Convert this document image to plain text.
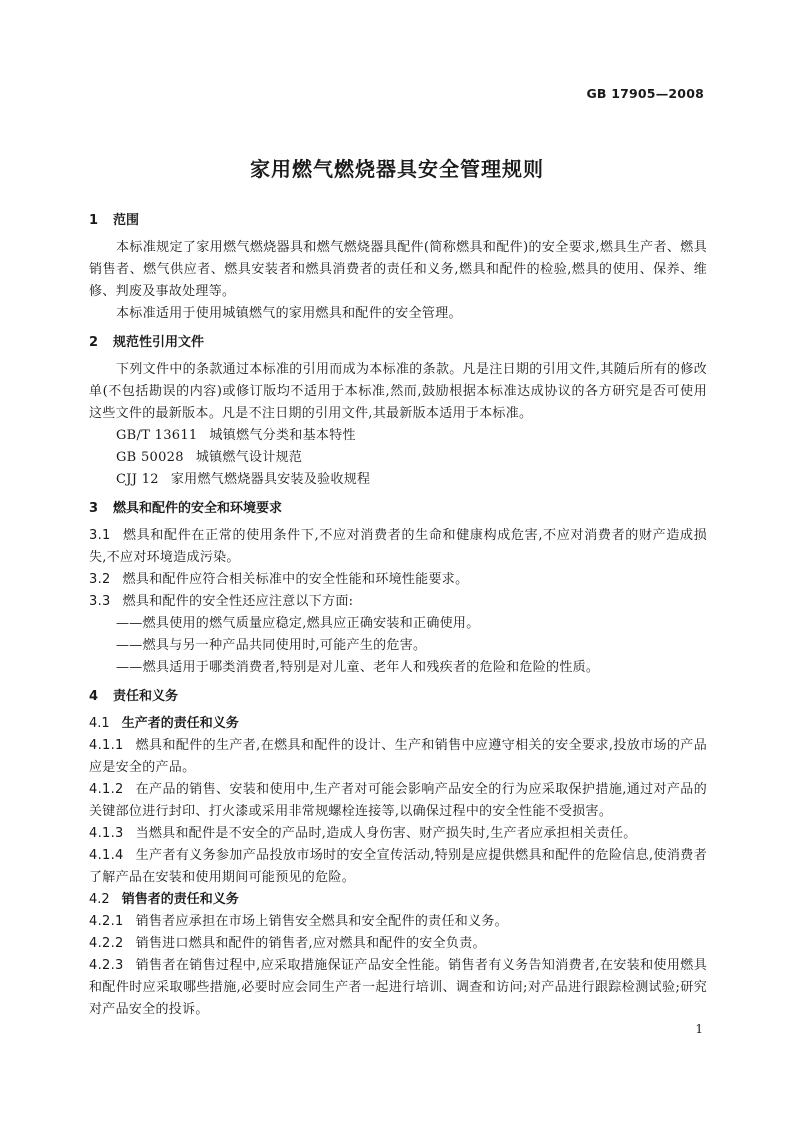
GB 17905—2008
家用燃气燃烧器具安全管理规则
1	范围
本标准规定了家用燃气燃烧器具和燃气燃烧器具配件(简称燃具和配件)的安全要求,燃具生产者、燃具销售者、燃气供应者、燃具安装者和燃具消费者的责任和义务,燃具和配件的检验,燃具的使用、保养、维修、判废及事故处理等。
本标准适用于使用城镇燃气的家用燃具和配件的安全管理。
2	规范性引用文件
下列文件中的条款通过本标准的引用而成为本标准的条款。凡是注日期的引用文件,其随后所有的修改单(不包括勘误的内容)或修订版均不适用于本标准,然而,鼓励根据本标准达成协议的各方研究是否可使用这些文件的最新版本。凡是不注日期的引用文件,其最新版本适用于本标准。
GB/T 13611 城镇燃气分类和基本特性
GB 50028 城镇燃气设计规范
CJJ 12 家用燃气燃烧器具安装及验收规程
3	燃具和配件的安全和环境要求
3.1 燃具和配件在正常的使用条件下,不应对消费者的生命和健康构成危害,不应对消费者的财产造成损失,不应对环境造成污染。
3.2 燃具和配件应符合相关标准中的安全性能和环境性能要求。
3.3 燃具和配件的安全性还应注意以下方面:
——燃具使用的燃气质量应稳定,燃具应正确安装和正确使用。
——燃具与另一种产品共同使用时,可能产生的危害。
——燃具适用于哪类消费者,特别是对儿童、老年人和残疾者的危险和危险的性质。
4	责任和义务
4.1 生产者的责任和义务
4.1.1 燃具和配件的生产者,在燃具和配件的设计、生产和销售中应遵守相关的安全要求,投放市场的产品应是安全的产品。
4.1.2 在产品的销售、安装和使用中,生产者对可能会影响产品安全的行为应采取保护措施,通过对产品的关键部位进行封印、打火漆或采用非常规螺栓连接等,以确保过程中的安全性能不受损害。
4.1.3 当燃具和配件是不安全的产品时,造成人身伤害、财产损失时,生产者应承担相关责任。
4.1.4 生产者有义务参加产品投放市场时的安全宣传活动,特别是应提供燃具和配件的危险信息,使消费者了解产品在安装和使用期间可能预见的危险。
4.2 销售者的责任和义务
4.2.1 销售者应承担在市场上销售安全燃具和安全配件的责任和义务。
4.2.2 销售进口燃具和配件的销售者,应对燃具和配件的安全负责。
4.2.3 销售者在销售过程中,应采取措施保证产品安全性能。销售者有义务告知消费者,在安装和使用燃具和配件时应采取哪些措施,必要时应会同生产者一起进行培训、调查和访问;对产品进行跟踪检测试验;研究对产品安全的投诉。
1
